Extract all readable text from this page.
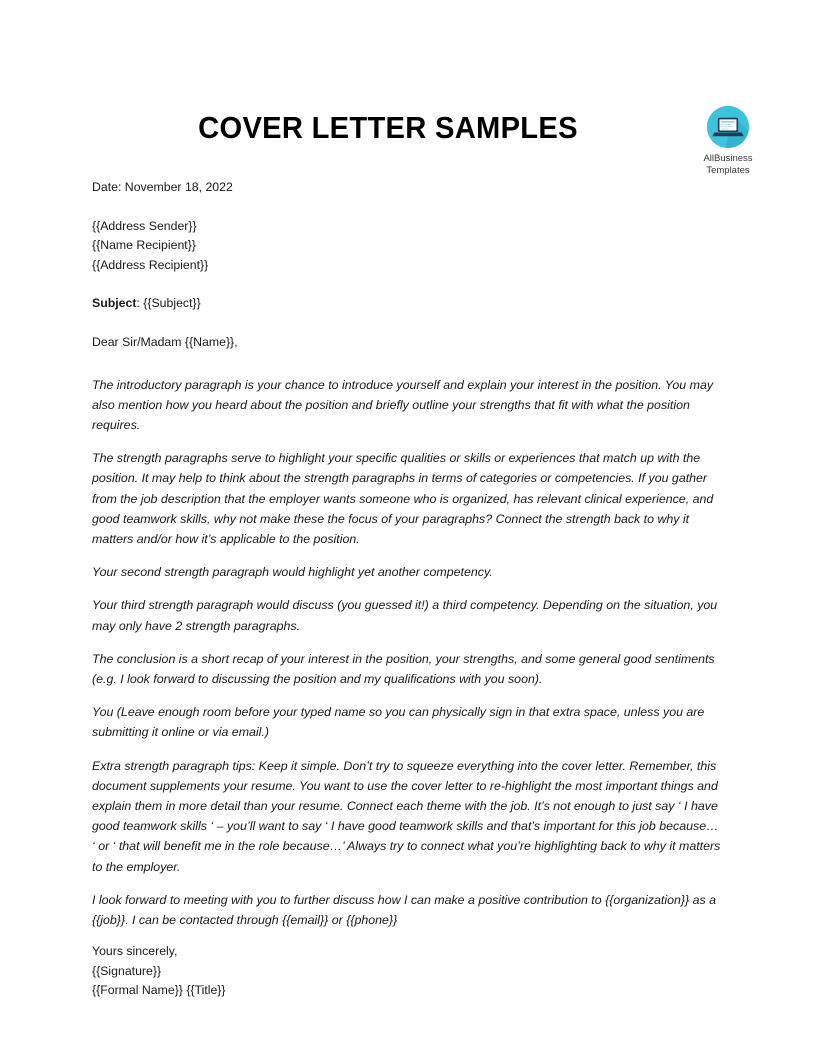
COVER LETTER SAMPLES
AllBusiness
Templates

Date: November 18, 2022

{{Address Sender}}

{{Name Recipient}}

{{Address Recipient}}

Subject: {{Subject}}

Dear Sir/Madam {{Name}},

The introductory paragraph is your chance to introduce yourself and explain your interest in the position. You may also mention how you heard about the position and briefly outline your strengths that fit with what the position requires.

The strength paragraphs serve to highlight your specific qualities or skills or experiences that match up with the position. It may help to think about the strength paragraphs in terms of categories or competencies. If you gather from the job description that the employer wants someone who is organized, has relevant clinical experience, and good teamwork skills, why not make these the focus of your paragraphs? Connect the strength back to why it matters and/or how it’s applicable to the position.

Your second strength paragraph would highlight yet another competency.

Your third strength paragraph would discuss (you guessed it!) a third competency. Depending on the situation, you may only have 2 strength paragraphs.

The conclusion is a short recap of your interest in the position, your strengths, and some general good sentiments (e.g. I look forward to discussing the position and my qualifications with you soon).

You (Leave enough room before your typed name so you can physically sign in that extra space, unless you are submitting it online or via email.)

Extra strength paragraph tips: Keep it simple. Don’t try to squeeze everything into the cover letter. Remember, this document supplements your resume. You want to use the cover letter to re-highlight the most important things and explain them in more detail than your resume. Connect each theme with the job. It’s not enough to just say ‘ I have good teamwork skills ‘ – you’ll want to say ‘ I have good teamwork skills and that’s important for this job because… ‘ or ‘ that will benefit me in the role because…’ Always try to connect what you’re highlighting back to why it matters to the employer.

I look forward to meeting with you to further discuss how I can make a positive contribution to {{organization}} as a {{job}}. I can be contacted through {{email}} or {{phone}}

Yours sincerely,

{{Signature}}

{{Formal Name}} {{Title}}
